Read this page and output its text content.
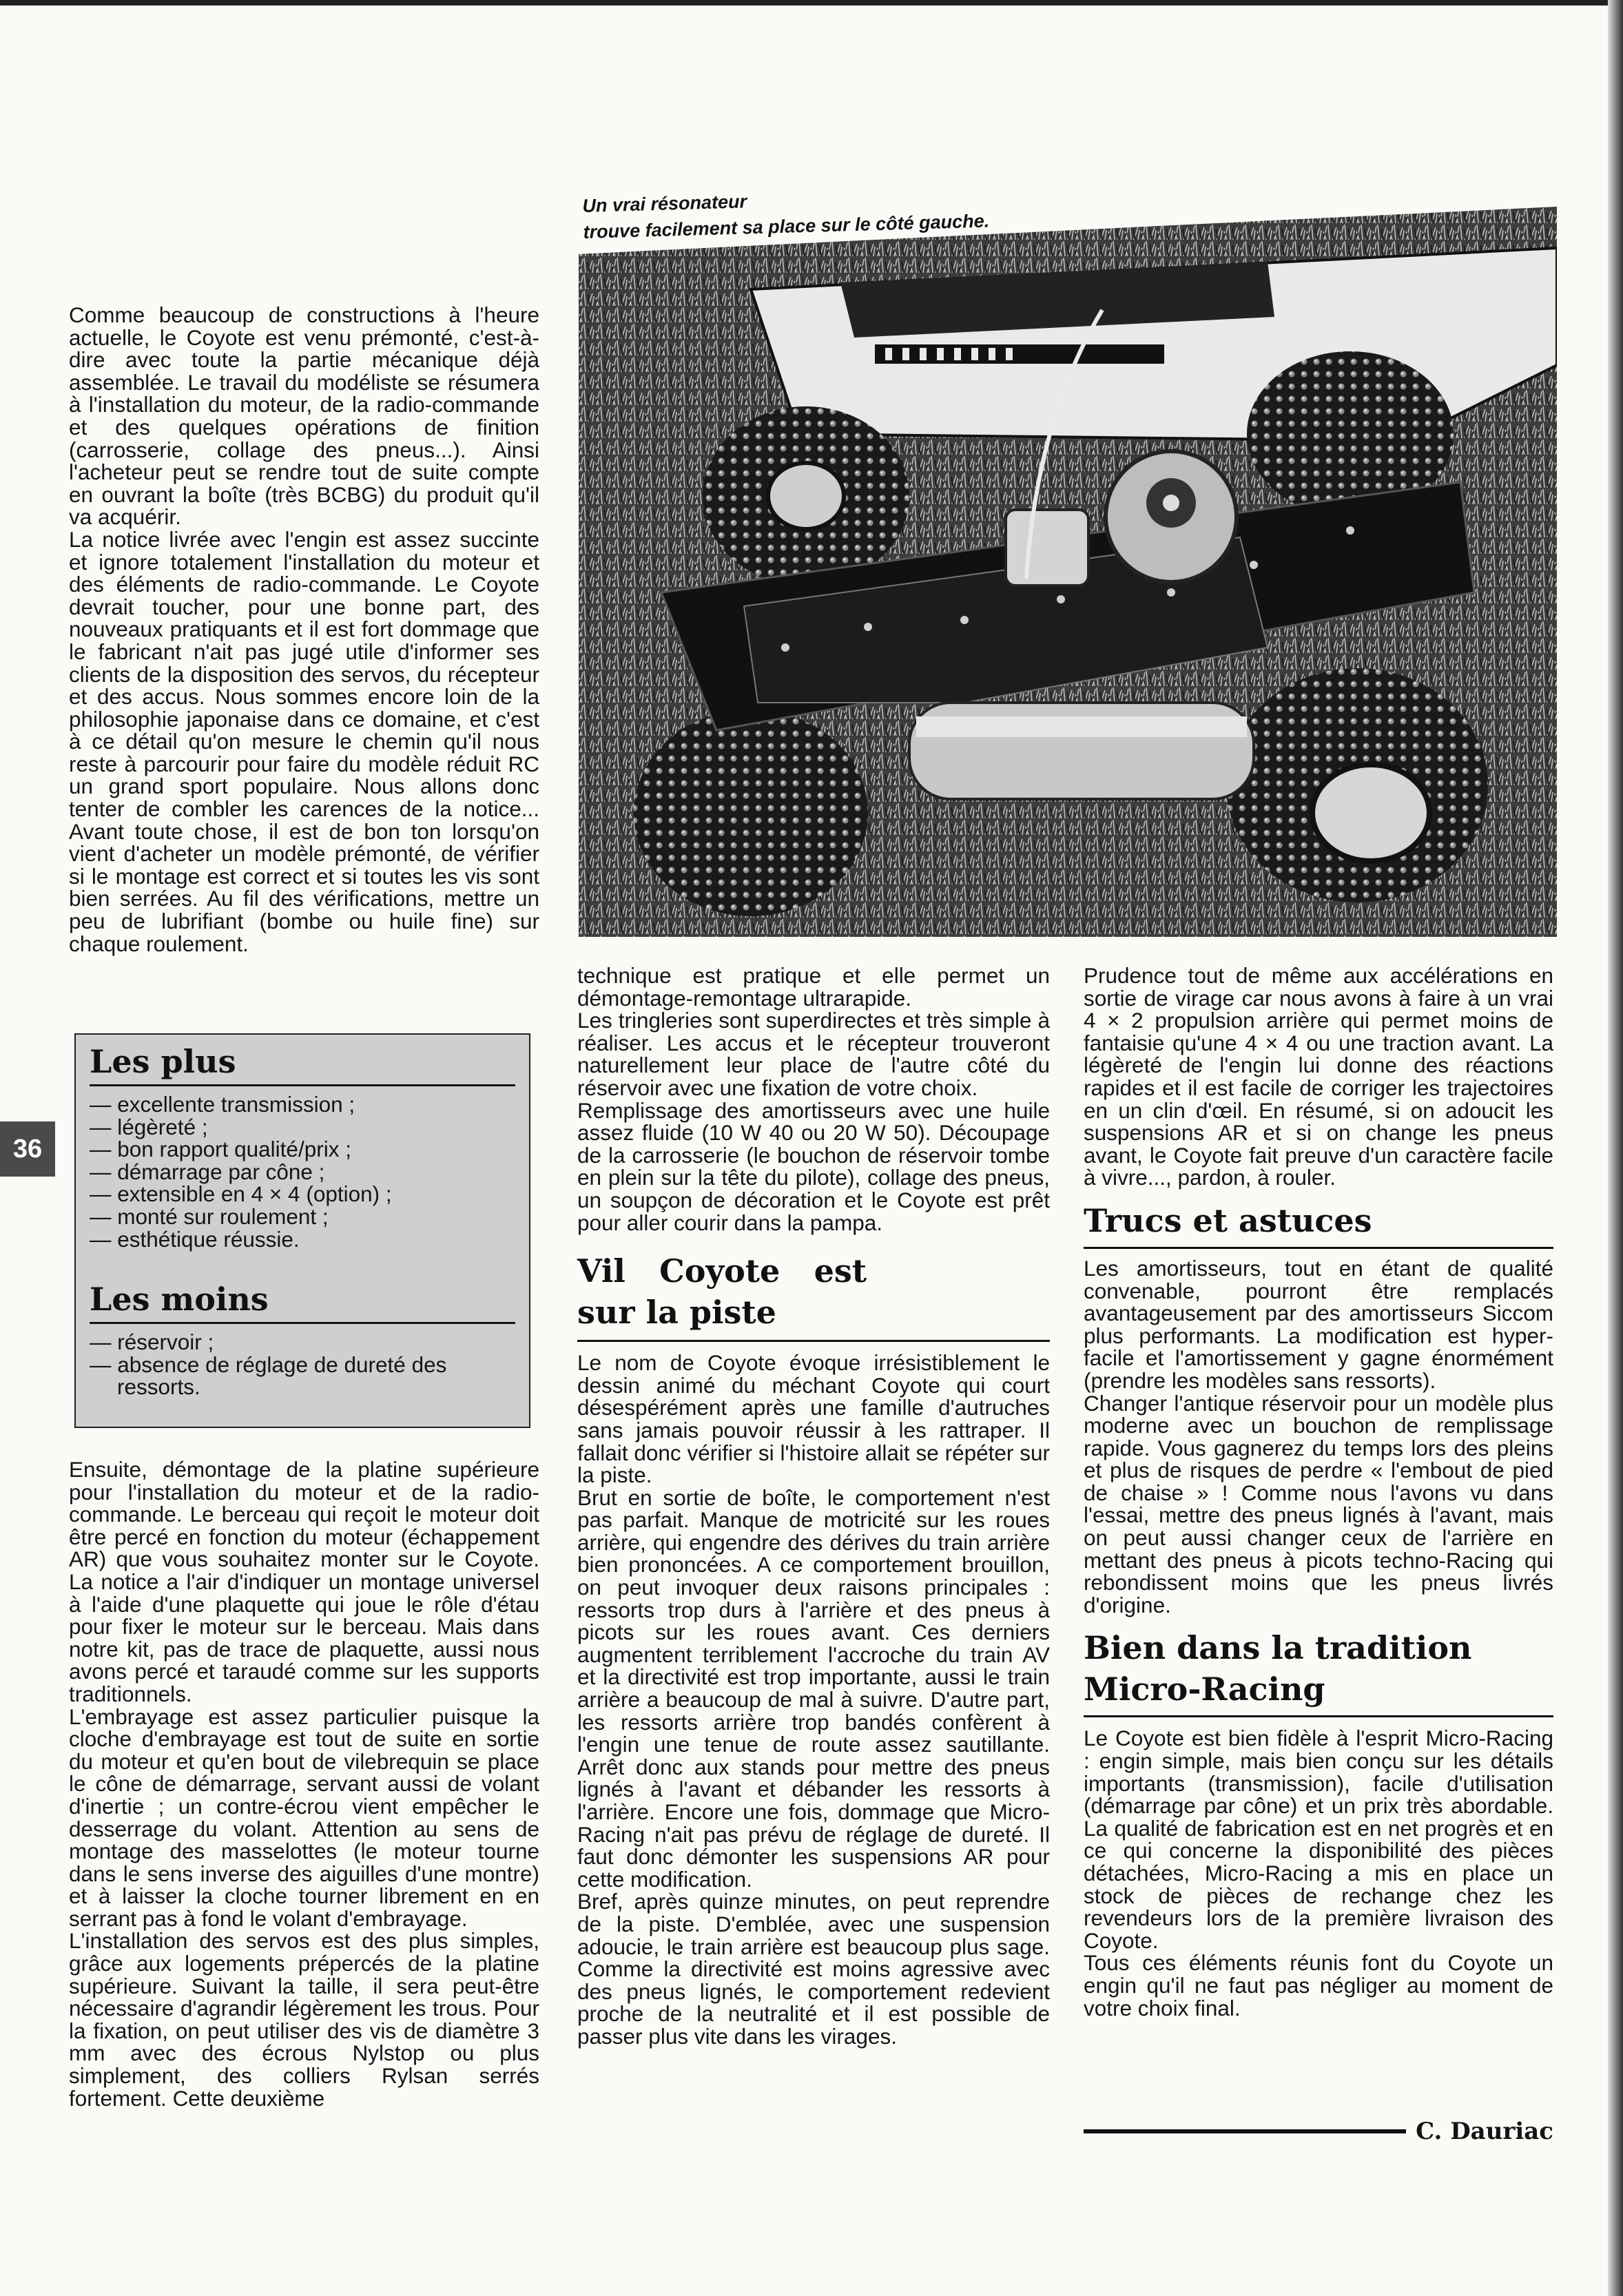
Un vrai résonateur
trouve facilement sa place sur le côté gauche.

Comme beaucoup de constructions à l'heure actuelle, le Coyote est venu prémonté, c'est-à-dire avec toute la partie mécanique déjà assemblée. Le travail du modéliste se résumera à l'installation du moteur, de la radio-commande et des quelques opérations de finition (carrosserie, collage des pneus...). Ainsi l'acheteur peut se rendre tout de suite compte en ouvrant la boîte (très BCBG) du produit qu'il va acquérir.

La notice livrée avec l'engin est assez succinte et ignore totalement l'installation du moteur et des éléments de radio-commande. Le Coyote devrait toucher, pour une bonne part, des nouveaux pratiquants et il est fort dommage que le fabricant n'ait pas jugé utile d'informer ses clients de la disposition des servos, du récepteur et des accus. Nous sommes encore loin de la philosophie japonaise dans ce domaine, et c'est à ce détail qu'on mesure le chemin qu'il nous reste à parcourir pour faire du modèle réduit RC un grand sport populaire. Nous allons donc tenter de combler les carences de la notice... Avant toute chose, il est de bon ton lorsqu'on vient d'acheter un modèle prémonté, de vérifier si le montage est correct et si toutes les vis sont bien serrées. Au fil des vérifications, mettre un peu de lubrifiant (bombe ou huile fine) sur chaque roulement.

Les plus
— excellente transmission ;
— légèreté ;
— bon rapport qualité/prix ;
— démarrage par cône ;
— extensible en 4 × 4 (option) ;
— monté sur roulement ;
— esthétique réussie.
Les moins
— réservoir ;
— absence de réglage de dureté des ressorts.
36

Ensuite, démontage de la platine supérieure pour l'installation du moteur et de la radio-commande. Le berceau qui reçoit le moteur doit être percé en fonction du moteur (échappement AR) que vous souhaitez monter sur le Coyote. La notice a l'air d'indiquer un montage universel à l'aide d'une plaquette qui joue le rôle d'étau pour fixer le moteur sur le berceau. Mais dans notre kit, pas de trace de plaquette, aussi nous avons percé et taraudé comme sur les supports traditionnels.

L'embrayage est assez particulier puisque la cloche d'embrayage est tout de suite en sortie du moteur et qu'en bout de vilebrequin se place le cône de démarrage, servant aussi de volant d'inertie ; un contre-écrou vient empêcher le desserrage du volant. Attention au sens de montage des masselottes (le moteur tourne dans le sens inverse des aiguilles d'une montre) et à laisser la cloche tourner librement en en serrant pas à fond le volant d'embrayage.

L'installation des servos est des plus simples, grâce aux logements prépercés de la platine supérieure. Suivant la taille, il sera peut-être nécessaire d'agrandir légèrement les trous. Pour la fixation, on peut utiliser des vis de diamètre 3 mm avec des écrous Nylstop ou plus simplement, des colliers Rylsan serrés fortement. Cette deuxième

technique est pratique et elle permet un démontage-remontage ultrarapide.

Les tringleries sont superdirectes et très simple à réaliser. Les accus et le récepteur trouveront naturellement leur place de l'autre côté du réservoir avec une fixation de votre choix.

Remplissage des amortisseurs avec une huile assez fluide (10 W 40 ou 20 W 50). Découpage de la carrosserie (le bouchon de réservoir tombe en plein sur la tête du pilote), collage des pneus, un soupçon de décoration et le Coyote est prêt pour aller courir dans la pampa.

Vil Coyote est sur la piste

Le nom de Coyote évoque irrésistiblement le dessin animé du méchant Coyote qui court désespérément après une famille d'autruches sans jamais pouvoir réussir à les rattraper. Il fallait donc vérifier si l'histoire allait se répéter sur la piste.

Brut en sortie de boîte, le comportement n'est pas parfait. Manque de motricité sur les roues arrière, qui engendre des dérives du train arrière bien prononcées. A ce comportement brouillon, on peut invoquer deux raisons principales : ressorts trop durs à l'arrière et des pneus à picots sur les roues avant. Ces derniers augmentent terriblement l'accroche du train AV et la directivité est trop importante, aussi le train arrière a beaucoup de mal à suivre. D'autre part, les ressorts arrière trop bandés confèrent à l'engin une tenue de route assez sautillante. Arrêt donc aux stands pour mettre des pneus lignés à l'avant et débander les ressorts à l'arrière. Encore une fois, dommage que Micro-Racing n'ait pas prévu de réglage de dureté. Il faut donc démonter les suspensions AR pour cette modification.

Bref, après quinze minutes, on peut reprendre de la piste. D'emblée, avec une suspension adoucie, le train arrière est beaucoup plus sage. Comme la directivité est moins agressive avec des pneus lignés, le comportement redevient proche de la neutralité et il est possible de passer plus vite dans les virages.

Prudence tout de même aux accélérations en sortie de virage car nous avons à faire à un vrai 4 × 2 propulsion arrière qui permet moins de fantaisie qu'une 4 × 4 ou une traction avant. La légèreté de l'engin lui donne des réactions rapides et il est facile de corriger les trajectoires en un clin d'œil. En résumé, si on adoucit les suspensions AR et si on change les pneus avant, le Coyote fait preuve d'un caractère facile à vivre..., pardon, à rouler.

Trucs et astuces

Les amortisseurs, tout en étant de qualité convenable, pourront être remplacés avantageusement par des amortisseurs Siccom plus performants. La modification est hyper-facile et l'amortissement y gagne énormément (prendre les modèles sans ressorts).

Changer l'antique réservoir pour un modèle plus moderne avec un bouchon de remplissage rapide. Vous gagnerez du temps lors des pleins et plus de risques de perdre « l'embout de pied de chaise » ! Comme nous l'avons vu dans l'essai, mettre des pneus lignés à l'avant, mais on peut aussi changer ceux de l'arrière en mettant des pneus à picots techno-Racing qui rebondissent moins que les pneus livrés d'origine.

Bien dans la tradition
Micro-Racing

Le Coyote est bien fidèle à l'esprit Micro-Racing : engin simple, mais bien conçu sur les détails importants (transmission), facile d'utilisation (démarrage par cône) et un prix très abordable. La qualité de fabrication est en net progrès et en ce qui concerne la disponibilité des pièces détachées, Micro-Racing a mis en place un stock de pièces de rechange chez les revendeurs lors de la première livraison des Coyote.

Tous ces éléments réunis font du Coyote un engin qu'il ne faut pas négliger au moment de votre choix final.

C. Dauriac
